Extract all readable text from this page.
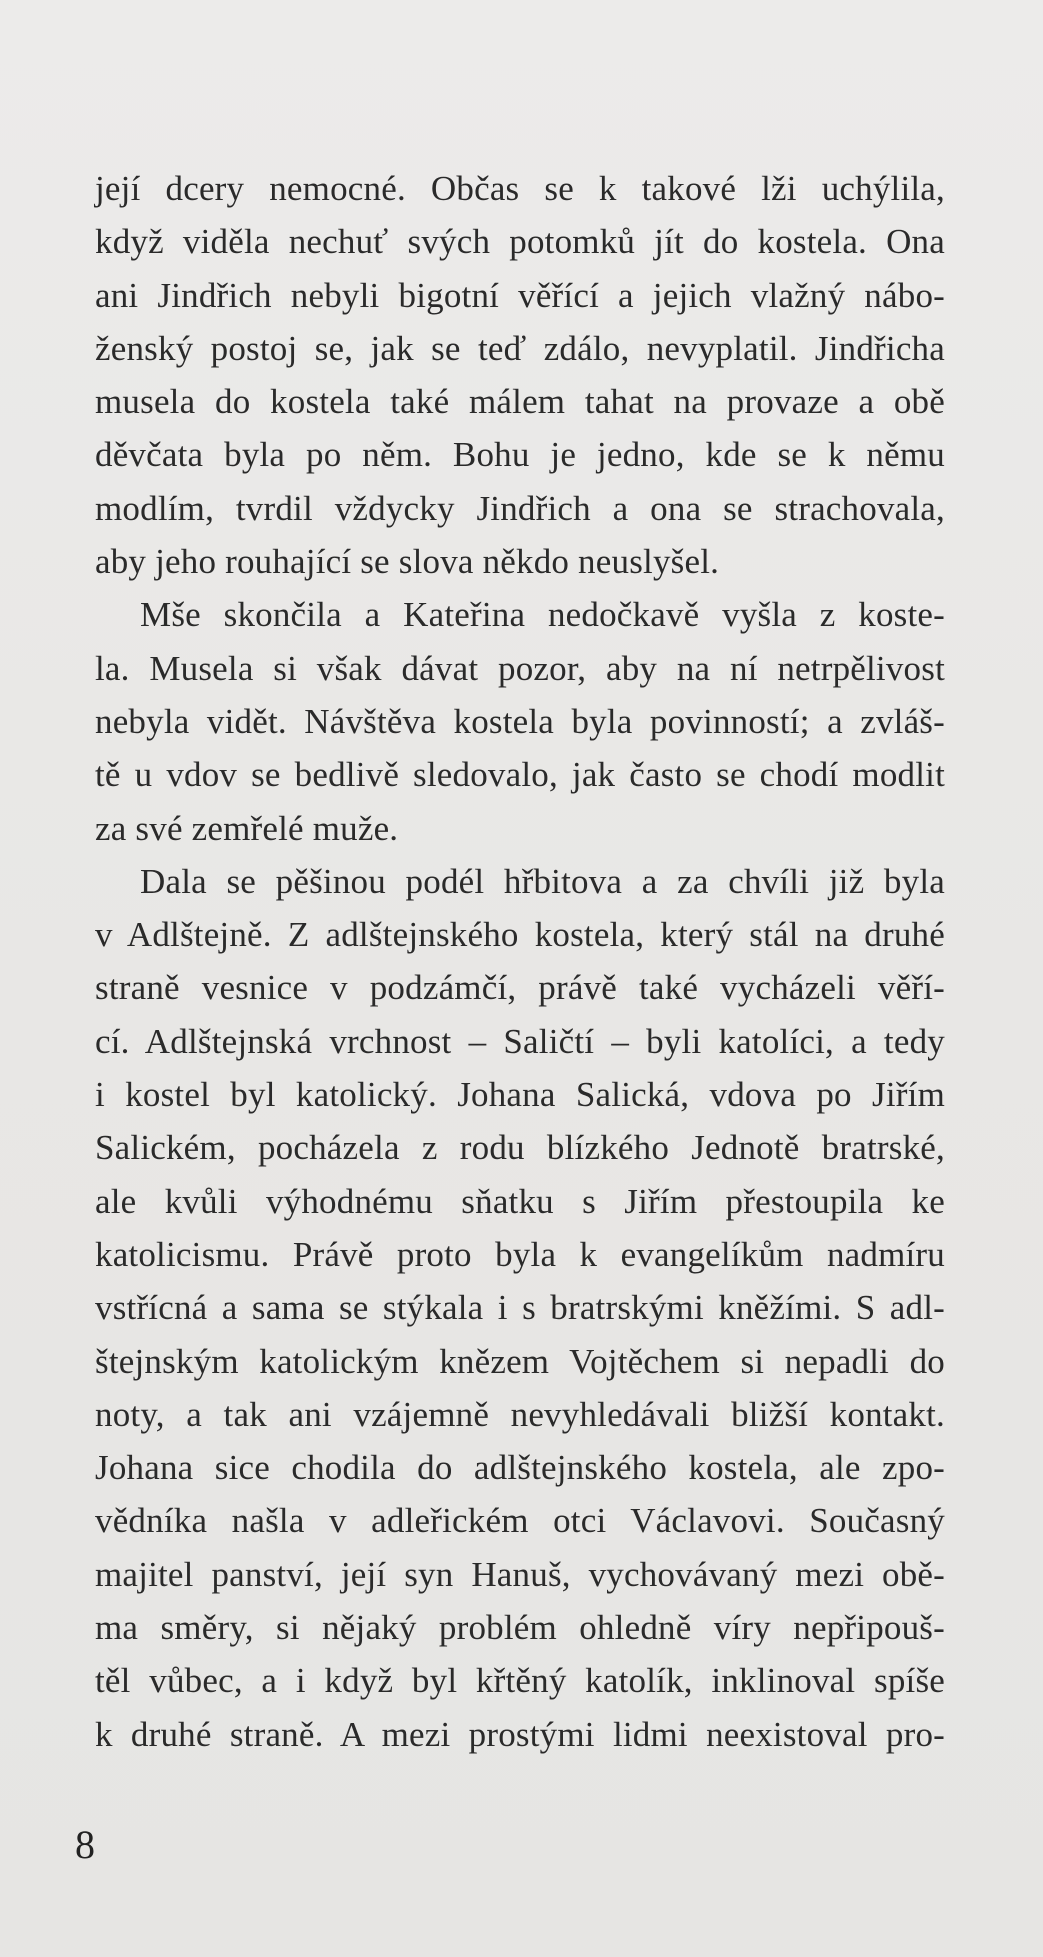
její dcery nemocné. Občas se k takové lži uchýlila,
když viděla nechuť svých potomků jít do kostela. Ona
ani Jindřich nebyli bigotní věřící a jejich vlažný nábo-
ženský postoj se, jak se teď zdálo, nevyplatil. Jindřicha
musela do kostela také málem tahat na provaze a obě
děvčata byla po něm. Bohu je jedno, kde se k němu
modlím, tvrdil vždycky Jindřich a ona se strachovala,
aby jeho rouhající se slova někdo neuslyšel.
Mše skončila a Kateřina nedočkavě vyšla z koste-
la. Musela si však dávat pozor, aby na ní netrpělivost
nebyla vidět. Návštěva kostela byla povinností; a zvláš-
tě u vdov se bedlivě sledovalo, jak často se chodí modlit
za své zemřelé muže.
Dala se pěšinou podél hřbitova a za chvíli již byla
v Adlštejně. Z adlštejnského kostela, který stál na druhé
straně vesnice v podzámčí, právě také vycházeli věří-
cí. Adlštejnská vrchnost – Saličtí – byli katolíci, a tedy
i kostel byl katolický. Johana Salická, vdova po Jiřím
Salickém, pocházela z rodu blízkého Jednotě bratrské,
ale kvůli výhodnému sňatku s Jiřím přestoupila ke
katolicismu. Právě proto byla k evangelíkům nadmíru
vstřícná a sama se stýkala i s bratrskými kněžími. S adl-
štejnským katolickým knězem Vojtěchem si nepadli do
noty, a tak ani vzájemně nevyhledávali bližší kontakt.
Johana sice chodila do adlštejnského kostela, ale zpo-
vědníka našla v adleřickém otci Václavovi. Současný
majitel panství, její syn Hanuš, vychovávaný mezi obě-
ma směry, si nějaký problém ohledně víry nepřipouš-
těl vůbec, a i když byl křtěný katolík, inklinoval spíše
k druhé straně. A mezi prostými lidmi neexistoval pro-
8
